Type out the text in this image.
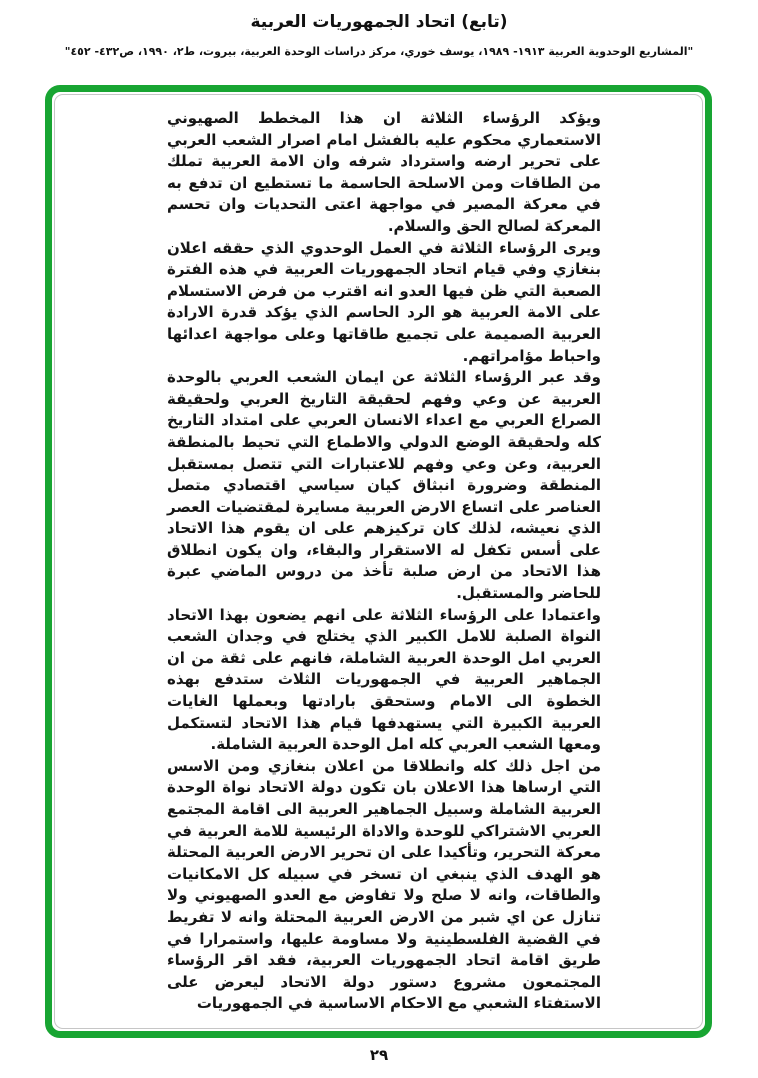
(تابع) اتحاد الجمهوريات العربية
"المشاريع الوحدوية العربية ١٩١٣- ١٩٨٩، يوسف خوري، مركز دراسات الوحدة العربية، بيروت، ط٢، ١٩٩٠، ص٤٣٢- ٤٥٢"

ويؤكد الرؤساء الثلاثة ان هذا المخطط الصهيوني الاستعماري محكوم عليه بالفشل امام اصرار الشعب العربي على تحرير ارضه واسترداد شرفه وان الامة العربية تملك من الطاقات ومن الاسلحة الحاسمة ما تستطيع ان تدفع به في معركة المصير في مواجهة اعتى التحديات وان تحسم المعركة لصالح الحق والسلام.

ويرى الرؤساء الثلاثة في العمل الوحدوي الذي حققه اعلان بنغازي وفي قيام اتحاد الجمهوريات العربية في هذه الفترة الصعبة التي ظن فيها العدو انه اقترب من فرض الاستسلام على الامة العربية هو الرد الحاسم الذي يؤكد قدرة الارادة العربية الصميمة على تجميع طاقاتها وعلى مواجهة اعدائها واحباط مؤامراتهم.

وقد عبر الرؤساء الثلاثة عن ايمان الشعب العربي بالوحدة العربية عن وعي وفهم لحقيقة التاريخ العربي ولحقيقة الصراع العربي مع اعداء الانسان العربي على امتداد التاريخ كله ولحقيقة الوضع الدولي والاطماع التي تحيط بالمنطقة العربية، وعن وعي وفهم للاعتبارات التي تتصل بمستقبل المنطقة وضرورة انبثاق كيان سياسي اقتصادي متصل العناصر على اتساع الارض العربية مسايرة لمقتضيات العصر الذي نعيشه، لذلك كان تركيزهم على ان يقوم هذا الاتحاد على أسس تكفل له الاستقرار والبقاء، وان يكون انطلاق هذا الاتحاد من ارض صلبة تأخذ من دروس الماضي عبرة للحاضر والمستقبل.

واعتمادا على الرؤساء الثلاثة على انهم يضعون بهذا الاتحاد النواة الصلبة للامل الكبير الذي يختلج في وجدان الشعب العربي امل الوحدة العربية الشاملة، فانهم على ثقة من ان الجماهير العربية في الجمهوريات الثلاث ستدفع بهذه الخطوة الى الامام وستحقق بارادتها وبعملها الغايات العربية الكبيرة التي يستهدفها قيام هذا الاتحاد لتستكمل ومعها الشعب العربي كله امل الوحدة العربية الشاملة.

من اجل ذلك كله وانطلاقا من اعلان بنغازي ومن الاسس التي ارساها هذا الاعلان بان تكون دولة الاتحاد نواة الوحدة العربية الشاملة وسبيل الجماهير العربية الى اقامة المجتمع العربي الاشتراكي للوحدة والاداة الرئيسية للامة العربية في معركة التحرير، وتأكيدا على ان تحرير الارض العربية المحتلة هو الهدف الذي ينبغي ان تسخر في سبيله كل الامكانيات والطاقات، وانه لا صلح ولا تفاوض مع العدو الصهيوني ولا تنازل عن اي شبر من الارض العربية المحتلة وانه لا تفريط في القضية الفلسطينية ولا مساومة عليها، واستمرارا في طريق اقامة اتحاد الجمهوريات العربية، فقد اقر الرؤساء المجتمعون مشروع دستور دولة الاتحاد ليعرض على الاستفتاء الشعبي مع الاحكام الاساسية في الجمهوريات

٢٩
